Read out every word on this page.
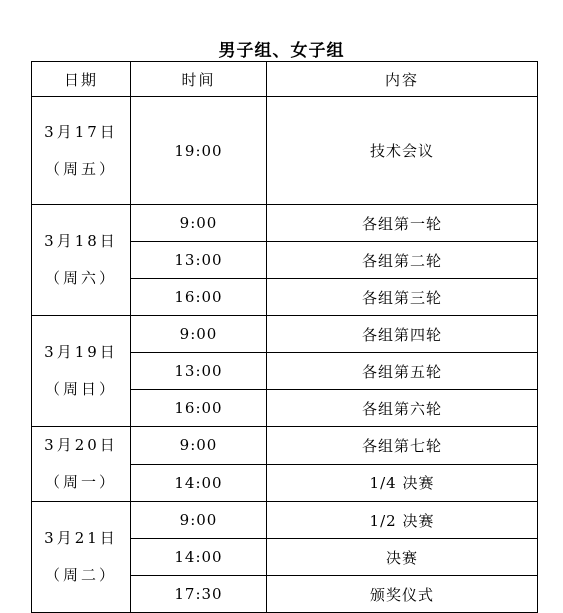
男子组、女子组
日期	时间	内容

3月17日
（周五）	19:00	技术会议

3月18日
（周六）	9:00	各组第一轮
	13:00	各组第二轮
	16:00	各组第三轮

3月19日
（周日）	9:00	各组第四轮
	13:00	各组第五轮
	16:00	各组第六轮

3月20日
（周一）	9:00	各组第七轮
	14:00	1/4 决赛

3月21日
（周二）	9:00	1/2 决赛
	14:00	决赛
	17:30	颁奖仪式
